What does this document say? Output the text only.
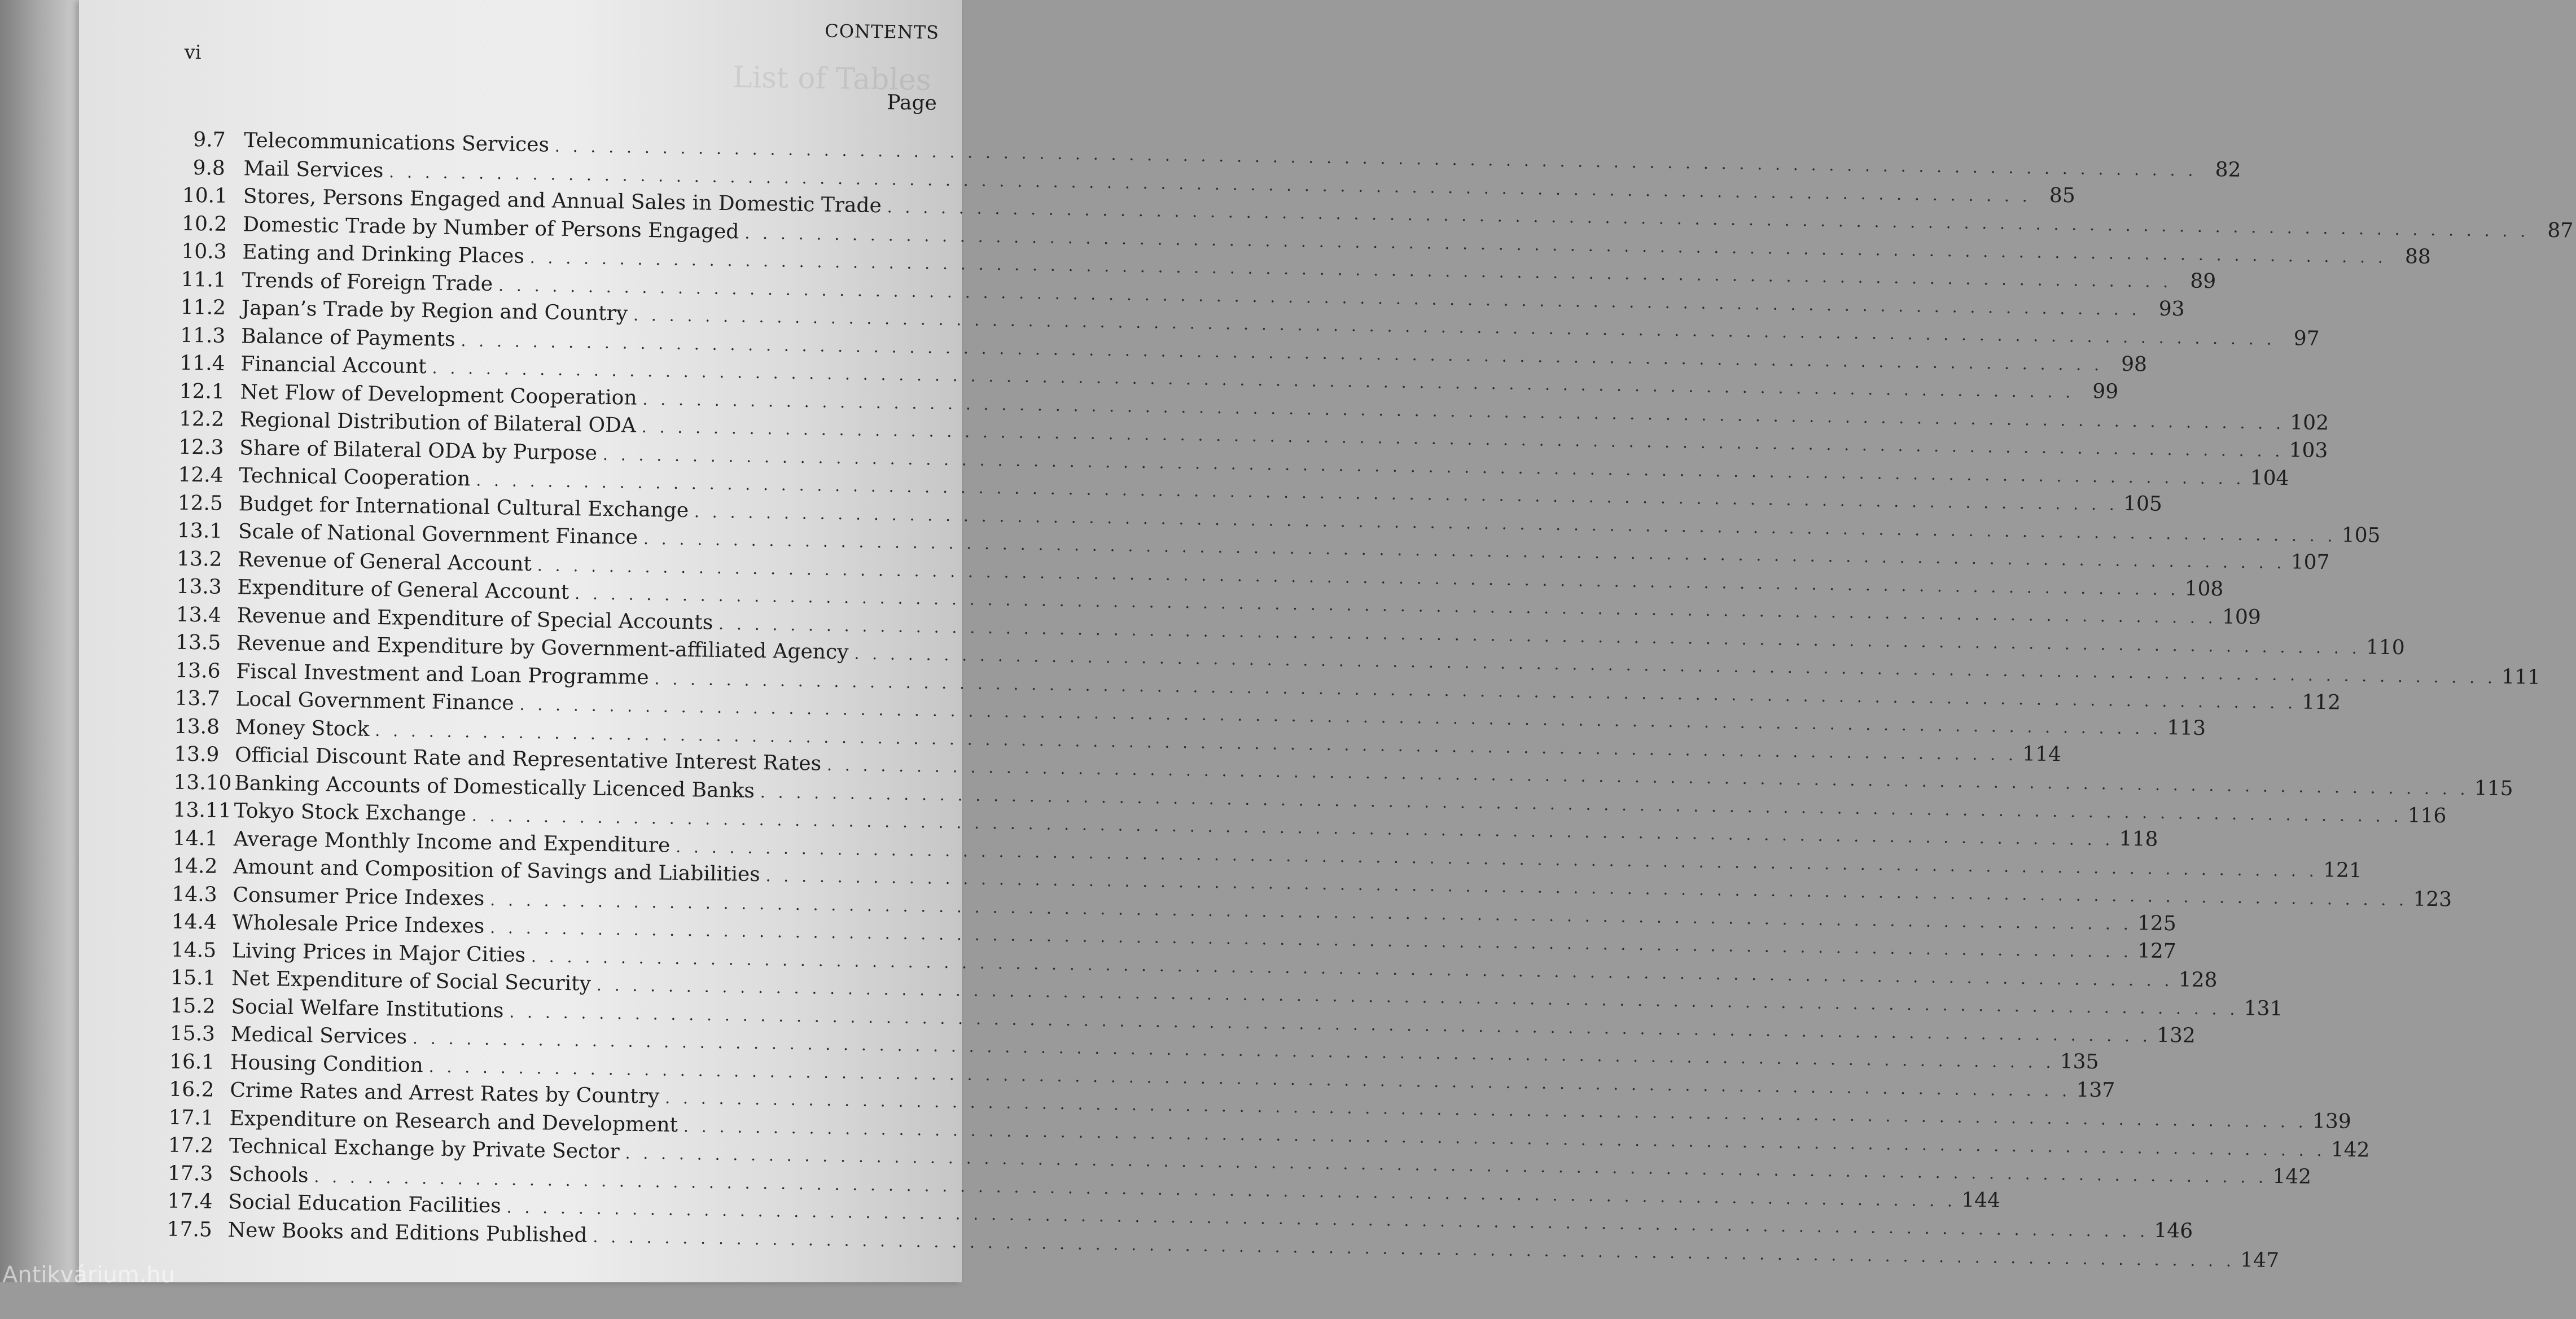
List of Tables
CONTENTS
vi
Page
9.7 Telecommunications Services
. . .
82
9.8 Mail Services
. . .
85
10.1 Stores, Persons Engaged and Annual Sales in Domestic Trade
. . .
87
10.2 Domestic Trade by Number of Persons Engaged
. . .
88
10.3 Eating and Drinking Places
. . .
89
11.1 Trends of Foreign Trade
. . .
93
11.2 Japan’s Trade by Region and Country
. . .
97
11.3 Balance of Payments
. . .
98
11.4 Financial Account
. . .
99
12.1 Net Flow of Development Cooperation
. . .
102
12.2 Regional Distribution of Bilateral ODA
. . .
103
12.3 Share of Bilateral ODA by Purpose
. . .
104
12.4 Technical Cooperation
. . .
105
12.5 Budget for International Cultural Exchange
. . .
105
13.1 Scale of National Government Finance
. . .
107
13.2 Revenue of General Account
. . .
108
13.3 Expenditure of General Account
. . .
109
13.4 Revenue and Expenditure of Special Accounts
. . .
110
13.5 Revenue and Expenditure by Government-affiliated Agency
. . .
111
13.6 Fiscal Investment and Loan Programme
. . .
112
13.7 Local Government Finance
. . .
113
13.8 Money Stock
. . .
114
13.9 Official Discount Rate and Representative Interest Rates
. . .
115
13.10 Banking Accounts of Domestically Licenced Banks
. . .
116
13.11 Tokyo Stock Exchange
. . .
118
14.1 Average Monthly Income and Expenditure
. . .
121
14.2 Amount and Composition of Savings and Liabilities
. . .
123
14.3 Consumer Price Indexes
. . .
125
14.4 Wholesale Price Indexes
. . .
127
14.5 Living Prices in Major Cities
. . .
128
15.1 Net Expenditure of Social Security
. . .
131
15.2 Social Welfare Institutions
. . .
132
15.3 Medical Services
. . .
135
16.1 Housing Condition
. . .
137
16.2 Crime Rates and Arrest Rates by Country
. . .
139
17.1 Expenditure on Research and Development
. . .
142
17.2 Technical Exchange by Private Sector
. . .
142
17.3 Schools
. . .
144
17.4 Social Education Facilities
. . .
146
17.5 New Books and Editions Published
. . .
147
Antikvárium.hu
